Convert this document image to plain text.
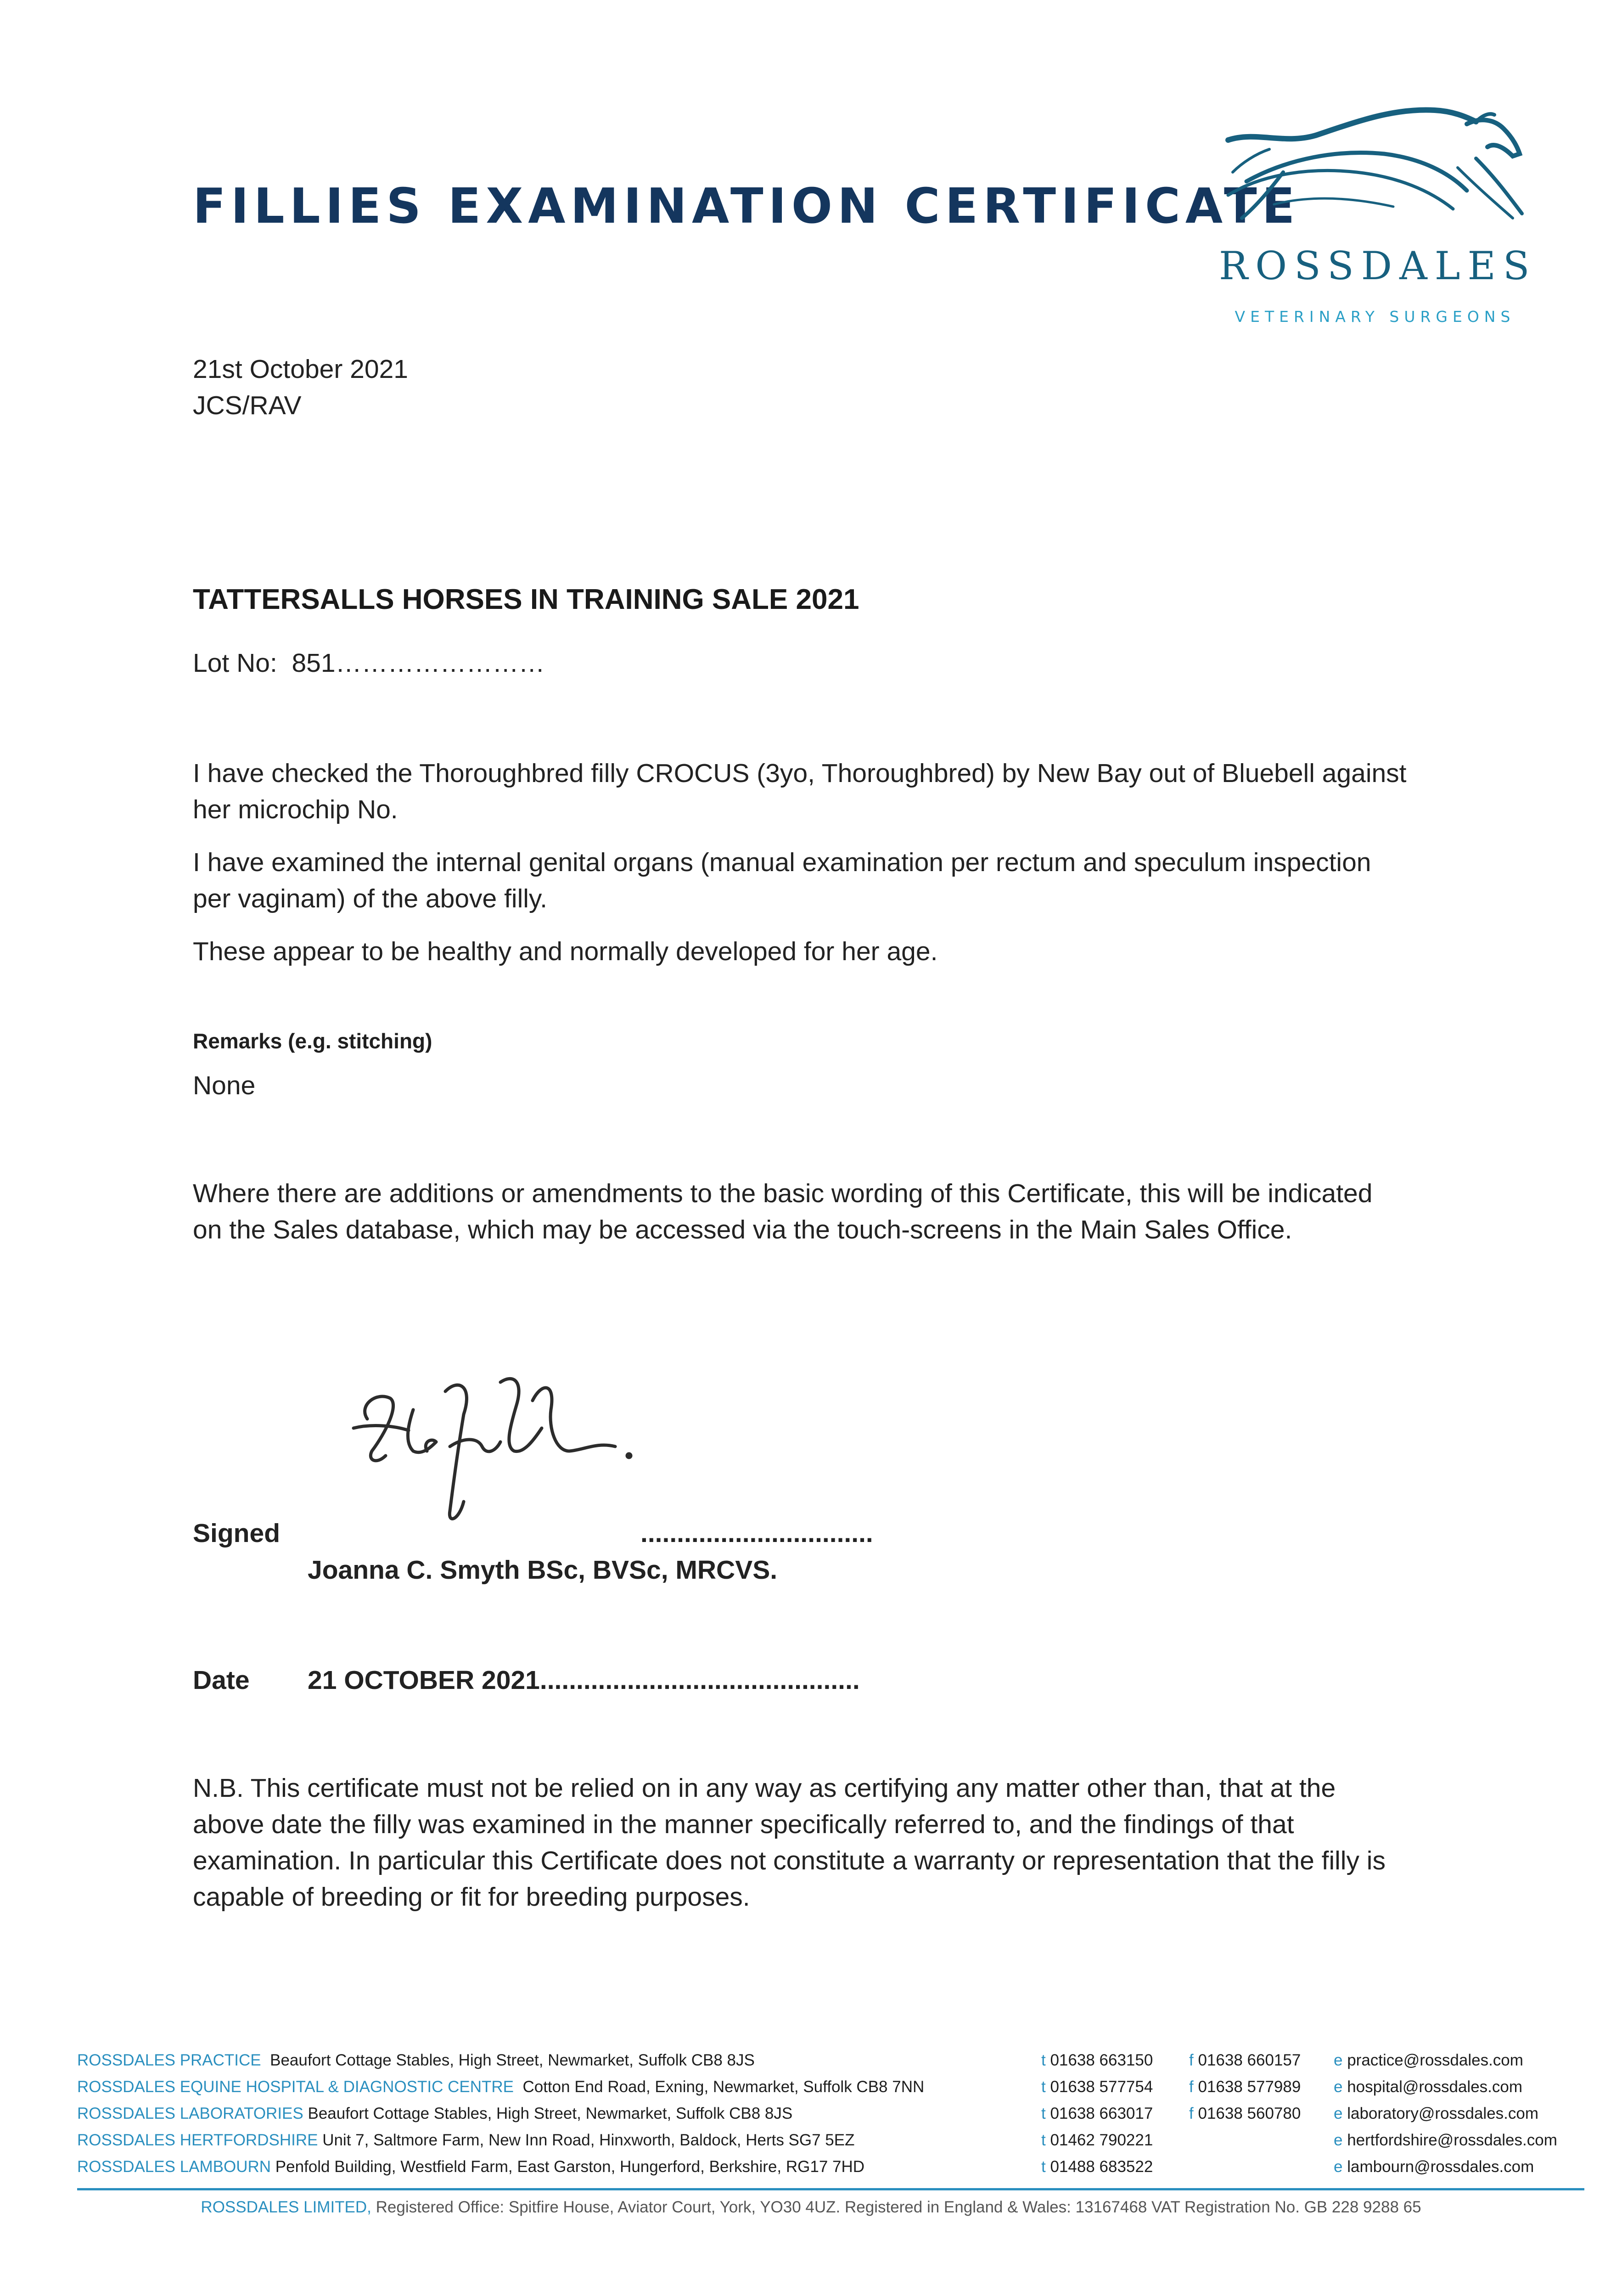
FILLIES EXAMINATION CERTIFICATE
ROSSDALES
VETERINARY SURGEONS
21st October 2021
JCS/RAV
TATTERSALLS HORSES IN TRAINING SALE 2021
Lot No: 851……………………
I have checked the Thoroughbred filly CROCUS (3yo, Thoroughbred) by New Bay out of Bluebell against
her microchip No.
I have examined the internal genital organs (manual examination per rectum and speculum inspection
per vaginam) of the above filly.
These appear to be healthy and normally developed for her age.
Remarks (e.g. stitching)
None
Where there are additions or amendments to the basic wording of this Certificate, this will be indicated
on the Sales database, which may be accessed via the touch-screens in the Main Sales Office.
Signed	................................
Joanna C. Smyth BSc, BVSc, MRCVS.
Date 21 OCTOBER 2021............................................
N.B. This certificate must not be relied on in any way as certifying any matter other than, that at the
above date the filly was examined in the manner specifically referred to, and the findings of that
examination. In particular this Certificate does not constitute a warranty or representation that the filly is
capable of breeding or fit for breeding purposes.
ROSSDALES PRACTICE Beaufort Cottage Stables, High Street, Newmarket, Suffolk CB8 8JS
ROSSDALES EQUINE HOSPITAL & DIAGNOSTIC CENTRE Cotton End Road, Exning, Newmarket, Suffolk CB8 7NN
ROSSDALES LABORATORIES Beaufort Cottage Stables, High Street, Newmarket, Suffolk CB8 8JS
ROSSDALES HERTFORDSHIRE Unit 7, Saltmore Farm, New Inn Road, Hinxworth, Baldock, Herts SG7 5EZ
ROSSDALES LAMBOURN Penfold Building, Westfield Farm, East Garston, Hungerford, Berkshire, RG17 7HD
t 01638 663150
t 01638 577754
t 01638 663017
t 01462 790221
t 01488 683522
f 01638 660157
f 01638 577989
f 01638 560780
e practice@rossdales.com
e hospital@rossdales.com
e laboratory@rossdales.com
e hertfordshire@rossdales.com
e lambourn@rossdales.com
ROSSDALES LIMITED, Registered Office: Spitfire House, Aviator Court, York, YO30 4UZ. Registered in England & Wales: 13167468 VAT Registration No. GB 228 9288 65
